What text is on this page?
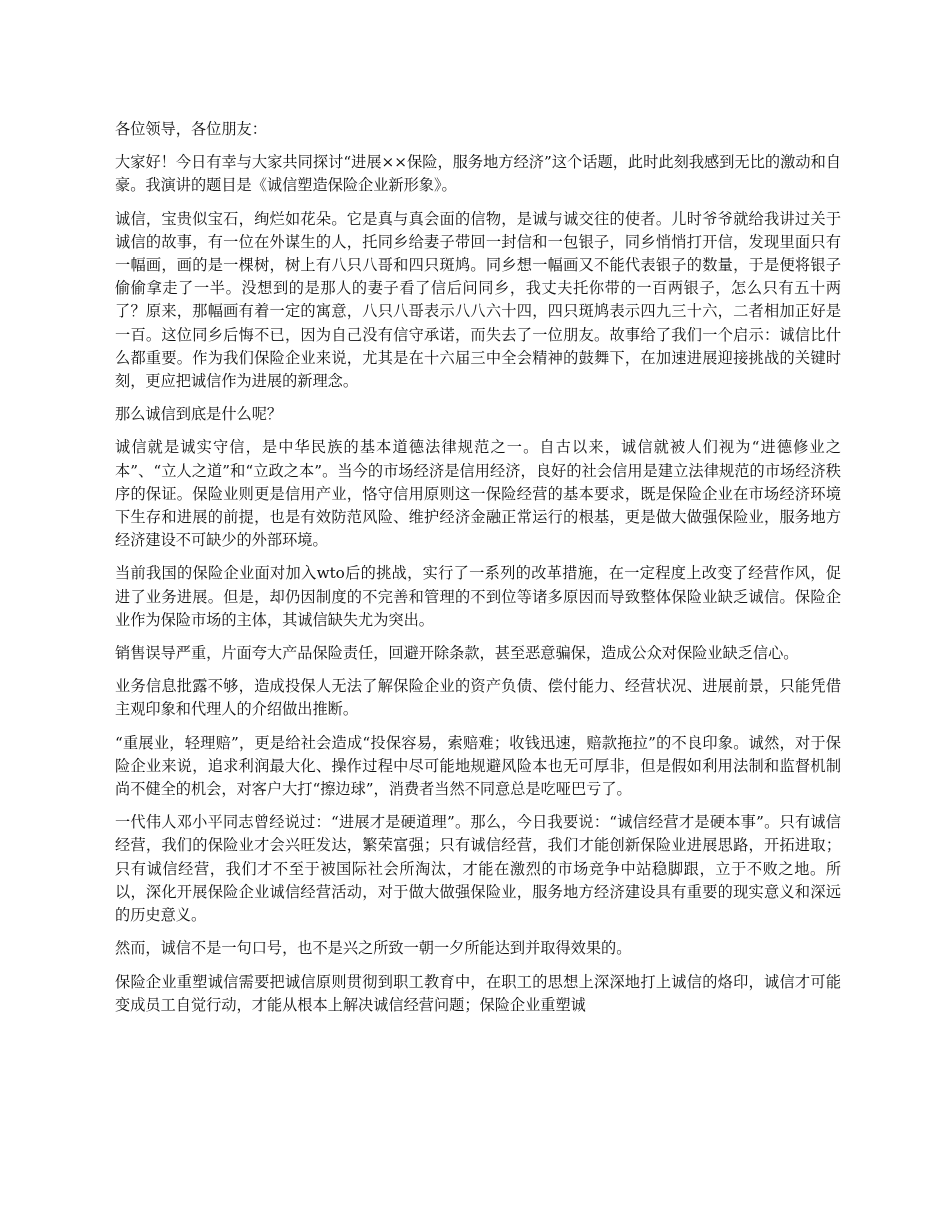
各位领导，各位朋友：

大家好！今日有幸与大家共同探讨“进展××保险，服务地方经济”这个话题，此时此刻我感到无比的激动和自豪。我演讲的题目是《诚信塑造保险企业新形象》。

诚信，宝贵似宝石，绚烂如花朵。它是真与真会面的信物，是诚与诚交往的使者。儿时爷爷就给我讲过关于诚信的故事，有一位在外谋生的人，托同乡给妻子带回一封信和一包银子，同乡悄悄打开信，发现里面只有一幅画，画的是一棵树，树上有八只八哥和四只斑鸠。同乡想一幅画又不能代表银子的数量，于是便将银子偷偷拿走了一半。没想到的是那人的妻子看了信后问同乡，我丈夫托你带的一百两银子，怎么只有五十两了？原来，那幅画有着一定的寓意，八只八哥表示八八六十四，四只斑鸠表示四九三十六，二者相加正好是一百。这位同乡后悔不已，因为自己没有信守承诺，而失去了一位朋友。故事给了我们一个启示：诚信比什么都重要。作为我们保险企业来说，尤其是在十六届三中全会精神的鼓舞下，在加速进展迎接挑战的关键时刻，更应把诚信作为进展的新理念。

那么诚信到底是什么呢？

诚信就是诚实守信，是中华民族的基本道德法律规范之一。自古以来，诚信就被人们视为“进德修业之本”、“立人之道”和“立政之本”。当今的市场经济是信用经济，良好的社会信用是建立法律规范的市场经济秩序的保证。保险业则更是信用产业，恪守信用原则这一保险经营的基本要求，既是保险企业在市场经济环境下生存和进展的前提，也是有效防范风险、维护经济金融正常运行的根基，更是做大做强保险业，服务地方经济建设不可缺少的外部环境。

当前我国的保险企业面对加入wto后的挑战，实行了一系列的改革措施，在一定程度上改变了经营作风，促进了业务进展。但是，却仍因制度的不完善和管理的不到位等诸多原因而导致整体保险业缺乏诚信。保险企业作为保险市场的主体，其诚信缺失尤为突出。

销售误导严重，片面夸大产品保险责任，回避开除条款，甚至恶意骗保，造成公众对保险业缺乏信心。

业务信息批露不够，造成投保人无法了解保险企业的资产负债、偿付能力、经营状况、进展前景，只能凭借主观印象和代理人的介绍做出推断。

“重展业，轻理赔”，更是给社会造成“投保容易，索赔难；收钱迅速，赔款拖拉”的不良印象。诚然，对于保险企业来说，追求利润最大化、操作过程中尽可能地规避风险本也无可厚非，但是假如利用法制和监督机制尚不健全的机会，对客户大打“擦边球”，消费者当然不同意总是吃哑巴亏了。

一代伟人邓小平同志曾经说过：“进展才是硬道理”。那么，今日我要说：“诚信经营才是硬本事”。只有诚信经营，我们的保险业才会兴旺发达，繁荣富强；只有诚信经营，我们才能创新保险业进展思路，开拓进取；只有诚信经营，我们才不至于被国际社会所淘汰，才能在激烈的市场竞争中站稳脚跟，立于不败之地。所以，深化开展保险企业诚信经营活动，对于做大做强保险业，服务地方经济建设具有重要的现实意义和深远的历史意义。

然而，诚信不是一句口号，也不是兴之所致一朝一夕所能达到并取得效果的。

保险企业重塑诚信需要把诚信原则贯彻到职工教育中，在职工的思想上深深地打上诚信的烙印，诚信才可能变成员工自觉行动，才能从根本上解决诚信经营问题；保险企业重塑诚
